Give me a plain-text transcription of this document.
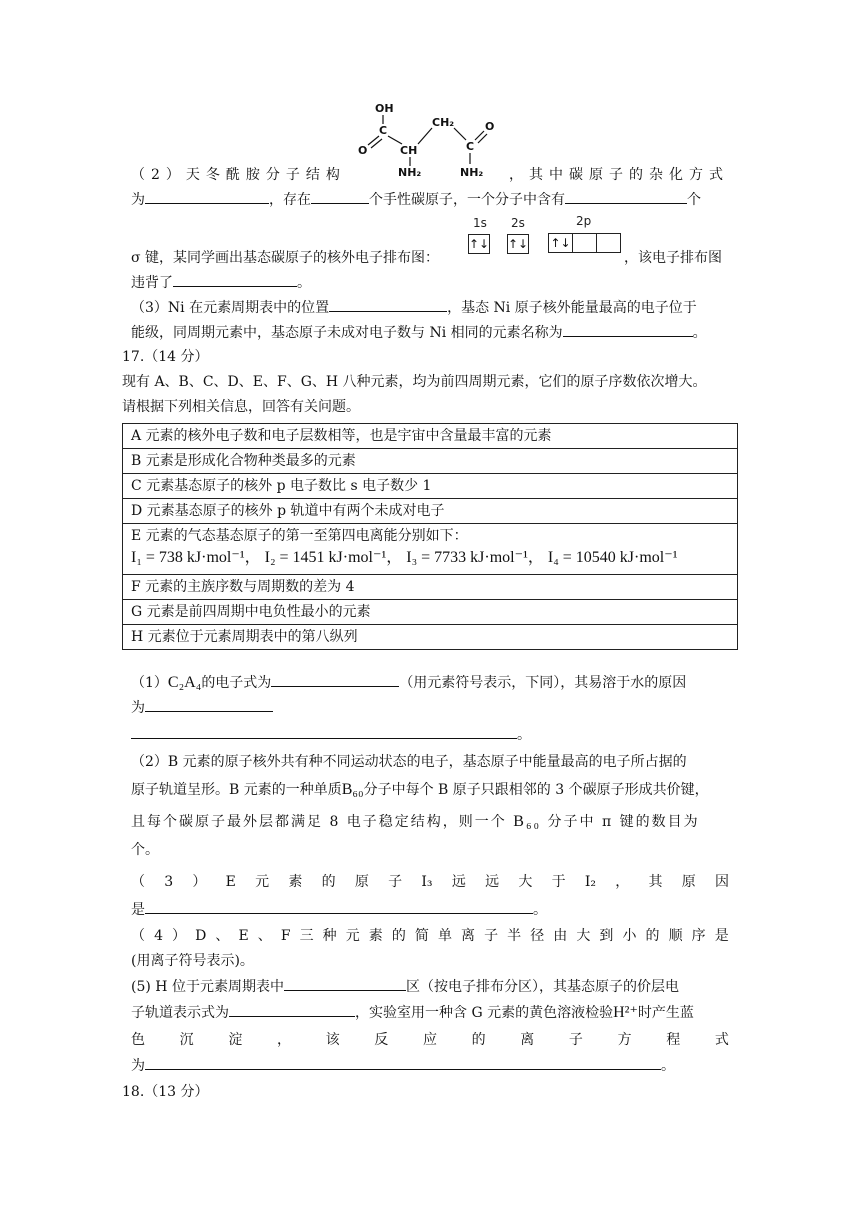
OH
C
O	CH
NH₂
CH₂
C
O
NH₂
（2）天冬酰胺分子结构	，其中碳原子的杂化方式
为	，存在	个手性碳原子，一个分子中含有	个
1s 2s	2p
↑↓ ↑↓ ↑↓
σ 键，某同学画出基态碳原子的核外电子排布图：	，该电子排布图
违背了	。
（3）Ni 在元素周期表中的位置	，基态 Ni 原子核外能量最高的电子位于
能级，同周期元素中，基态原子未成对电子数与 Ni 相同的元素名称为	。
17.（14 分）
现有 A、B、C、D、E、F、G、H 八种元素，均为前四周期元素，它们的原子序数依次增大。
请根据下列相关信息，回答有关问题。
A 元素的核外电子数和电子层数相等，也是宇宙中含量最丰富的元素
B 元素是形成化合物种类最多的元素
C 元素基态原子的核外 p 电子数比 s 电子数少 1
D 元素基态原子的核外 p 轨道中有两个未成对电子

E 元素的气态基态原子的第一至第四电离能分别如下：
I₁ = 738 kJ·mol⁻¹， I₂ = 1451 kJ·mol⁻¹， I₃ = 7733 kJ·mol⁻¹， I₄ = 10540 kJ·mol⁻¹

F 元素的主族序数与周期数的差为 4
G 元素是前四周期中电负性最小的元素
H 元素位于元素周期表中的第八纵列
（1）C₂A₄的电子式为	（用元素符号表示，下同），其易溶于水的原因
为
。
（2）B 元素的原子核外共有种不同运动状态的电子，基态原子中能量最高的电子所占据的
原子轨道呈形。B 元素的一种单质B₆₀分子中每个 B 原子只跟相邻的 3 个碳原子形成共价键，
且每个碳原子最外层都满足 8 电子稳定结构，则一个 B₆₀ 分子中 π 键的数目为
个。
（ 3 ） E 元 素 的 原 子 I₃ 远 远 大 于 I₂ ， 其 原 因
是	。
（ 4 ） D 、 E 、 F 三 种 元 素 的 简 单 离 子 半 径 由 大 到 小 的 顺 序 是
(用离子符号表示)。
(5) H 位于元素周期表中	区（按电子排布分区），其基态原子的价层电
子轨道表示式为	，实验室用一种含 G 元素的黄色溶液检验H²⁺时产生蓝
色 沉 淀 ， 该 反 应 的 离 子 方 程 式
为	。
18.（13 分）
